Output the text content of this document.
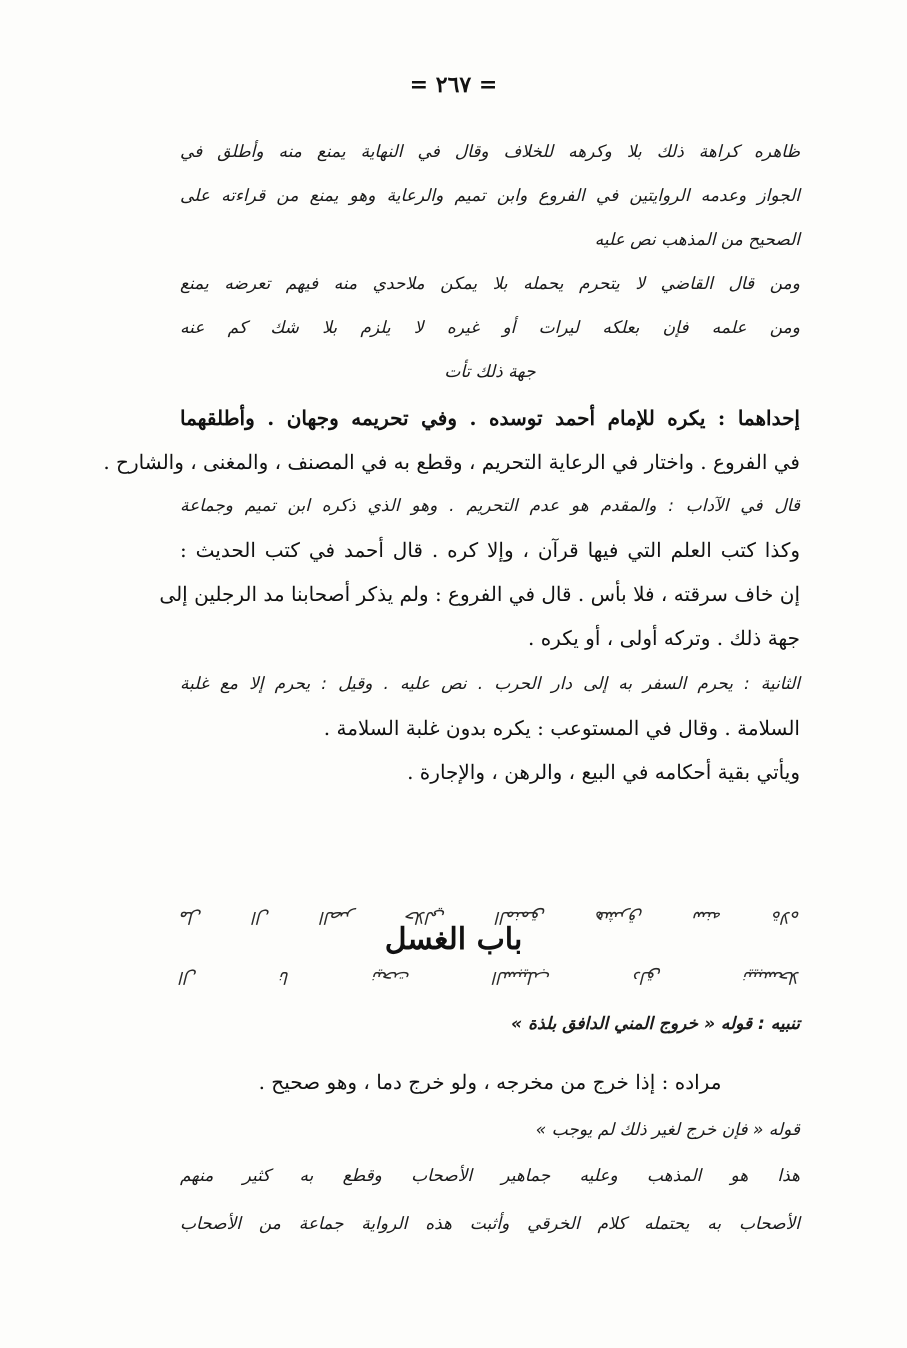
= ٢٦٧ =
ظاهره كراهة ذلك بلا وكرهه للخلاف وقال في النهاية يمنع منه وأطلق في
الجواز وعدمه الروايتين في الفروع وابن تميم والرعاية وهو يمنع من قراءته على
الصحيح من المذهب نص عليه
ومن قال القاضي لا يتحرم يحمله بلا يمكن ملاحدي منه فيهم تعرضه يمنع
ومن علمه فإن بعلكه ليرات أو غيره لا يلزم بلا شك كم عنه
جهة ذلك تأت
إحداهما : يكره للإمام أحمد توسده . وفي تحريمه وجهان . وأطلقهما
في الفروع . واختار في الرعاية التحريم ، وقطع به في المصنف ، والمغنى ، والشارح .
قال في الآداب : والمقدم هو عدم التحريم . وهو الذي ذكره ابن تميم وجماعة
وكذا كتب العلم التي فيها قرآن ، وإلا كره . قال أحمد في كتب الحديث :
إن خاف سرقته ، فلا بأس . قال في الفروع : ولم يذكر أصحابنا مد الرجلين إلى
جهة ذلك . وتركه أولى ، أو يكره .
الثانية : يحرم السفر به إلى دار الحرب . نص عليه . وقيل : يحرم إلا مع غلبة
السلامة . وقال في المستوعب : يكره بدون غلبة السلامة .
ويأتي بقية أحكامه في البيع ، والرهن ، والإجارة .
هالة هنس قرشه قمنملا يلالح رصلا لا لم
باب الغسل
الحسبيين قلد بليبسلا تحين ان لا
تنبيه : قوله « خروج المني الدافق بلذة »
مراده : إذا خرج من مخرجه ، ولو خرج دما ، وهو صحيح .
قوله « فإن خرج لغير ذلك لم يوجب »
هذا هو المذهب وعليه جماهير الأصحاب وقطع به كثير منهم
الأصحاب به يحتمله كلام الخرقي وأثبت هذه الرواية جماعة من الأصحاب
